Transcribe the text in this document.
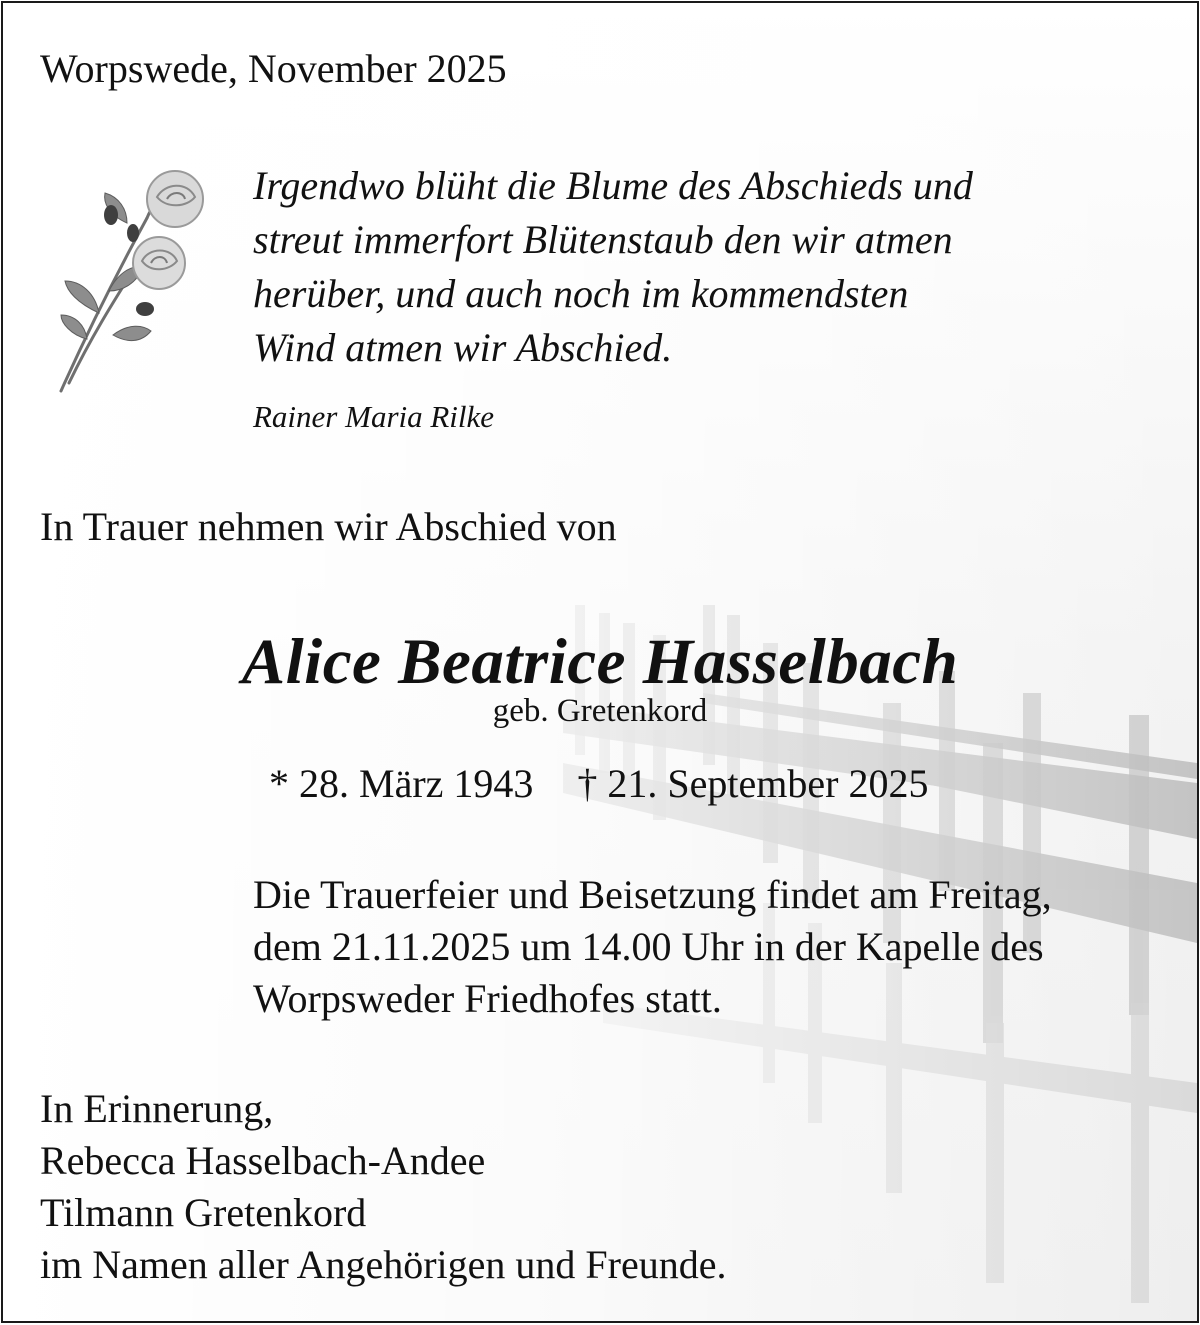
Worpswede, November 2025
Irgendwo blüht die Blume des Abschieds und
streut immerfort Blütenstaub den wir atmen
herüber, und auch noch im kommendsten
Wind atmen wir Abschied.
Rainer Maria Rilke
In Trauer nehmen wir Abschied von
Alice Beatrice Hasselbach
geb. Gretenkord
* 28. März 1943 † 21. September 2025
Die Trauerfeier und Beisetzung findet am Freitag,
dem 21.11.2025 um 14.00 Uhr in der Kapelle des
Worpsweder Friedhofes statt.
In Erinnerung,
Rebecca Hasselbach-Andee
Tilmann Gretenkord
im Namen aller Angehörigen und Freunde.
